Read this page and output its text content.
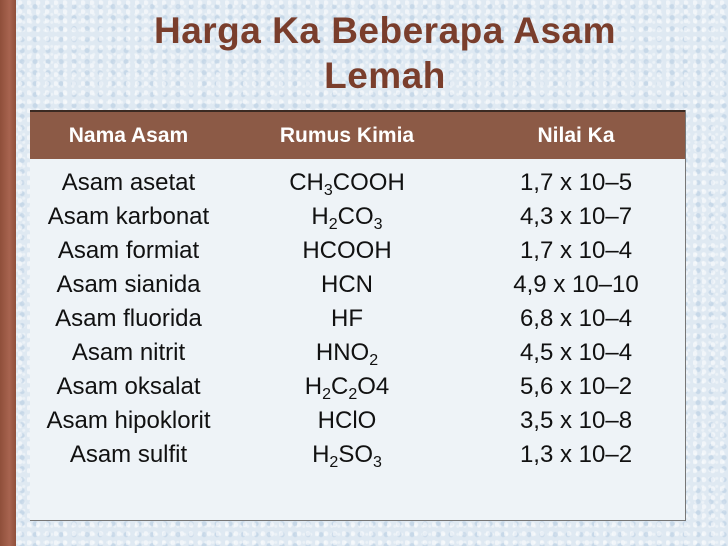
Harga Ka Beberapa Asam
Lemah
Nama Asam	Rumus Kimia	Nilai Ka
Asam asetat	$CH_3COOH$	1,7 x 10–5
Asam karbonat	$H_2CO_3$	4,3 x 10–7
Asam formiat	HCOOH	1,7 x 10–4
Asam sianida	HCN	4,9 x 10–10
Asam fluorida	HF	6,8 x 10–4
Asam nitrit	$HNO_2$	4,5 x 10–4
Asam oksalat	$H_2C_2O4$	5,6 x 10–2
Asam hipoklorit	HClO	3,5 x 10–8
Asam sulfit	$H_2SO_3$	1,3 x 10–2
